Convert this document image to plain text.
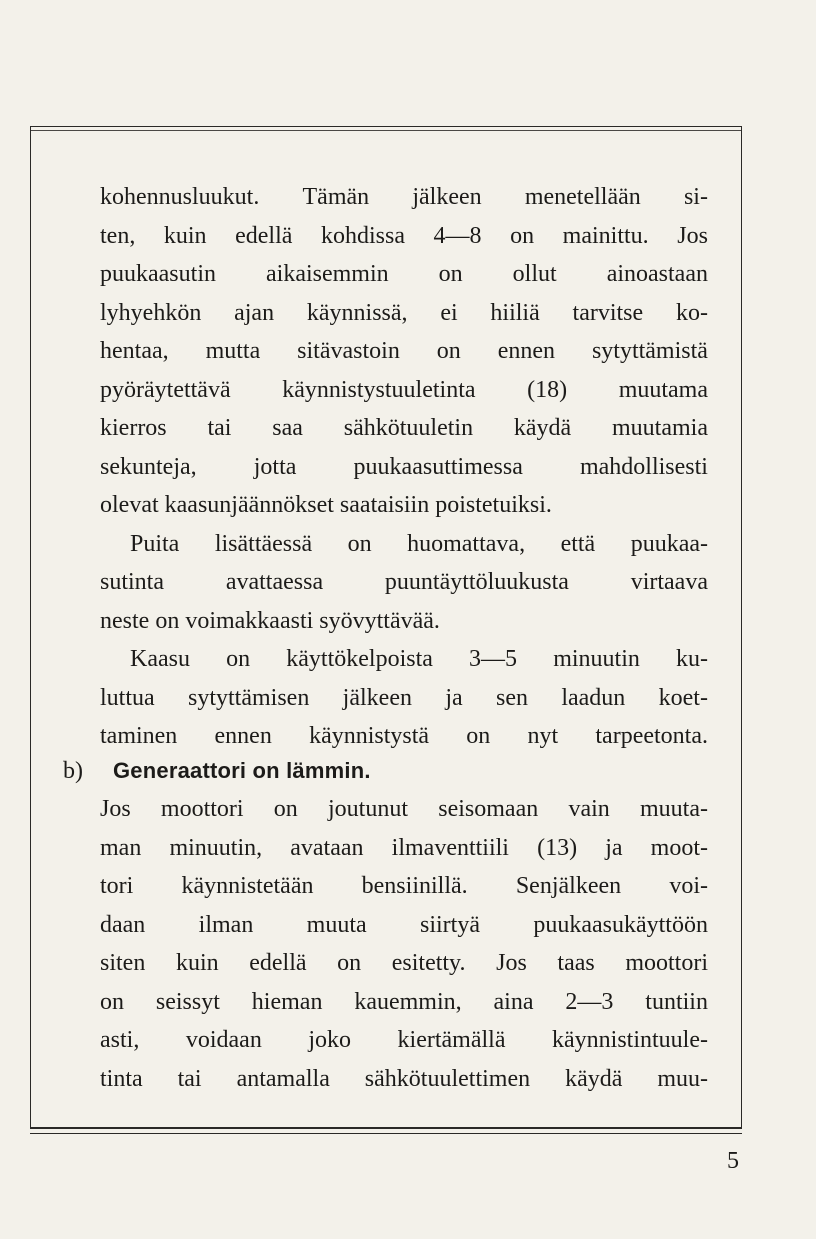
kohennusluukut. Tämän jälkeen menetellään si-
ten, kuin edellä kohdissa 4—8 on mainittu. Jos
puukaasutin aikaisemmin on ollut ainoastaan
lyhyehkön ajan käynnissä, ei hiiliä tarvitse ko-
hentaa, mutta sitävastoin on ennen sytyttämistä
pyöräytettävä käynnistystuuletinta (18) muutama
kierros tai saa sähkötuuletin käydä muutamia
sekunteja, jotta puukaasuttimessa mahdollisesti
olevat kaasunjäännökset saataisiin poistetuiksi.
Puita lisättäessä on huomattava, että puukaa-
sutinta	avattaessa	puuntäyttöluukusta	virtaava
neste on voimakkaasti syövyttävää.
Kaasu on käyttökelpoista 3—5 minuutin ku-
luttua sytyttämisen jälkeen ja sen laadun koet-
taminen ennen käynnistystä on nyt tarpeetonta.
b) Generaattori on lämmin.
Jos moottori on joutunut seisomaan vain muuta-
man minuutin, avataan ilmaventtiili (13) ja moot-
tori käynnistetään bensiinillä. Senjälkeen voi-
daan ilman muuta siirtyä puukaasukäyttöön
siten kuin edellä on esitetty. Jos taas moottori
on seissyt hieman kauemmin, aina 2—3 tuntiin
asti, voidaan joko kiertämällä käynnistintuule-
tinta tai antamalla sähkötuulettimen käydä muu-
5
